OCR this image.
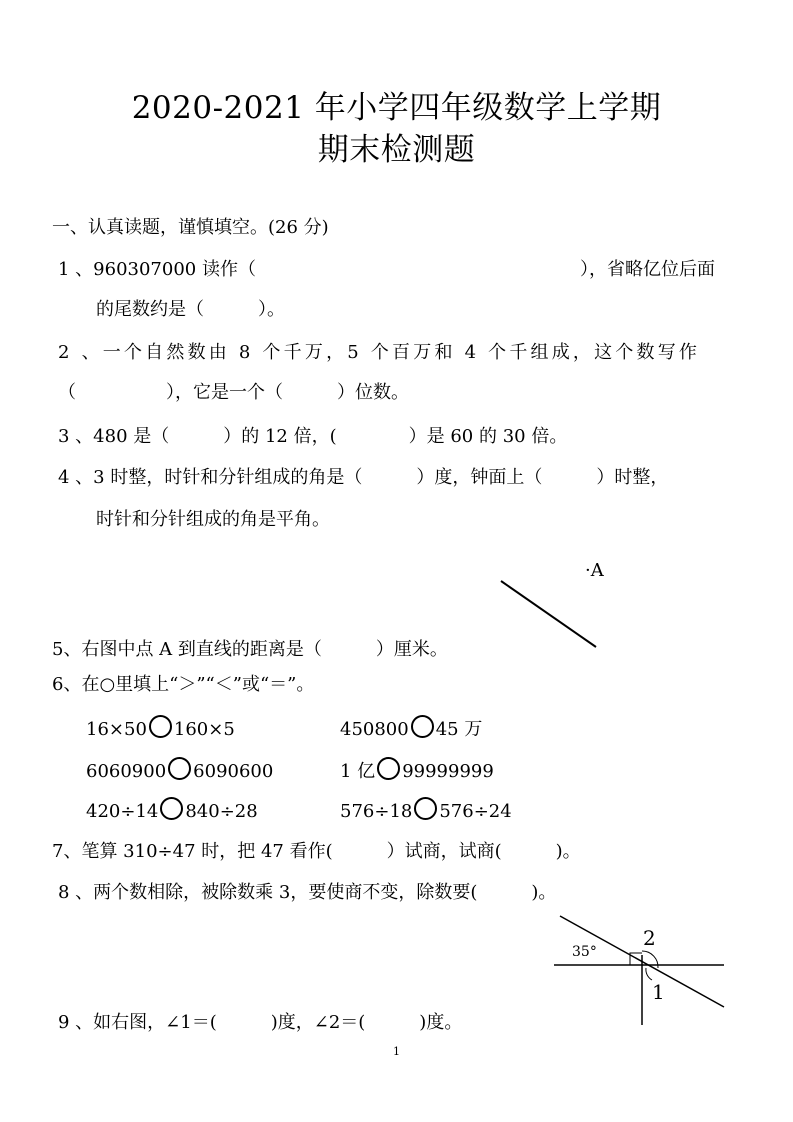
2020-2021 年小学四年级数学上学期
期末检测题
一、认真读题，谨慎填空。(26 分)
1 、960307000 读作（	），省略亿位后面
的尾数约是（　　　）。
2 、一个自然数由 8 个千万，5 个百万和 4 个千组成，这个数写作
（　　　　　），它是一个（　　　）位数。
3 、480 是（　　　）的 12 倍，(　　　　）是 60 的 30 倍。
4 、3 时整，时针和分针组成的角是（　　　）度，钟面上（　　　）时整，
时针和分针组成的角是平角。
·A
5、右图中点 A 到直线的距离是（　　　）厘米。
6、在○里填上“＞”“＜”或“＝”。
16×50 160×5	450800 45 万
6060900 6090600	1 亿 99999999
420÷14 840÷28	576÷18 576÷24
7、笔算 310÷47 时，把 47 看作(　　　）试商，试商(　　　)。
8 、两个数相除，被除数乘 3，要使商不变，除数要(　　　)。
35°
2
1
9 、如右图，∠1＝(　　　)度，∠2＝(　　　)度。
1
